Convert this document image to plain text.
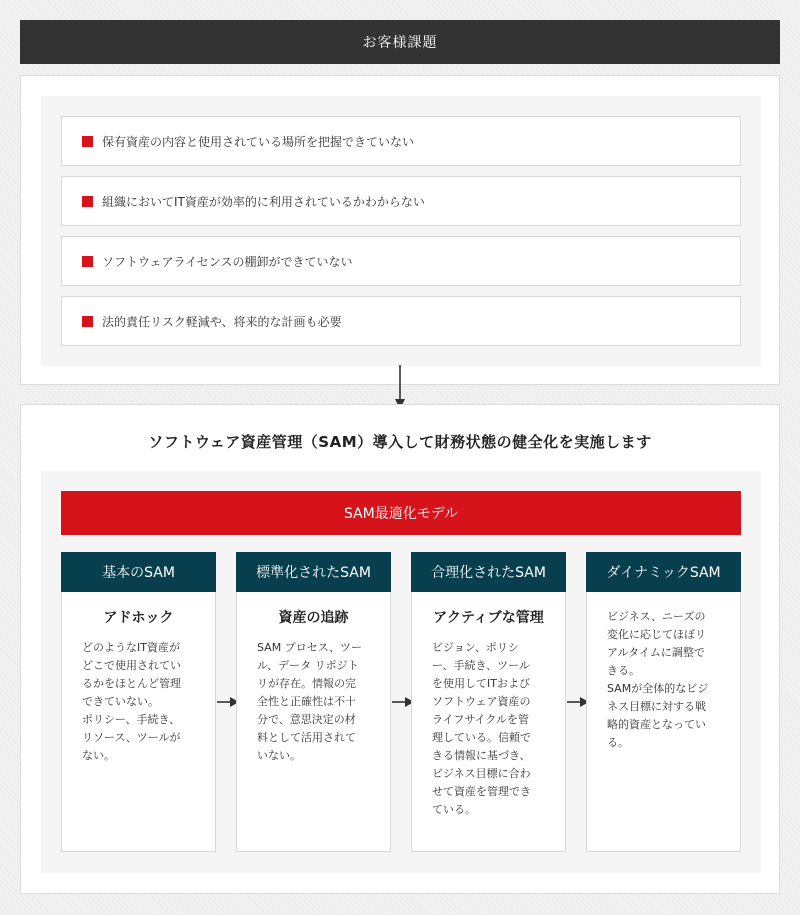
お客様課題
保有資産の内容と使用されている場所を把握できていない
組織においてIT資産が効率的に利用されているかわからない
ソフトウェアライセンスの棚卸ができていない
法的責任リスク軽減や、将来的な計画も必要
ソフトウェア資産管理（SAM）導入して財務状態の健全化を実施します
SAM最適化モデル
基本のSAM
アドホック
どのようなIT資産が
どこで使用されてい
るかをほとんど管理
できていない。
ポリシー、手続き、
リソース、ツールが
ない。
標準化されたSAM
資産の追跡
SAM プロセス、ツー
ル、データ リポジト
リが存在。情報の完
全性と正確性は不十
分で、意思決定の材
料として活用されて
いない。
合理化されたSAM
アクティブな管理
ビジョン、ポリシ
ー、手続き、ツール
を使用してITおよび
ソフトウェア資産の
ライフサイクルを管
理している。信頼で
きる情報に基づき、
ビジネス目標に合わ
せて資産を管理でき
ている。
ダイナミックSAM
ビジネス、ニーズの
変化に応じてほぼリ
アルタイムに調整で
きる。
SAMが全体的なビジ
ネス目標に対する戦
略的資産となってい
る。
